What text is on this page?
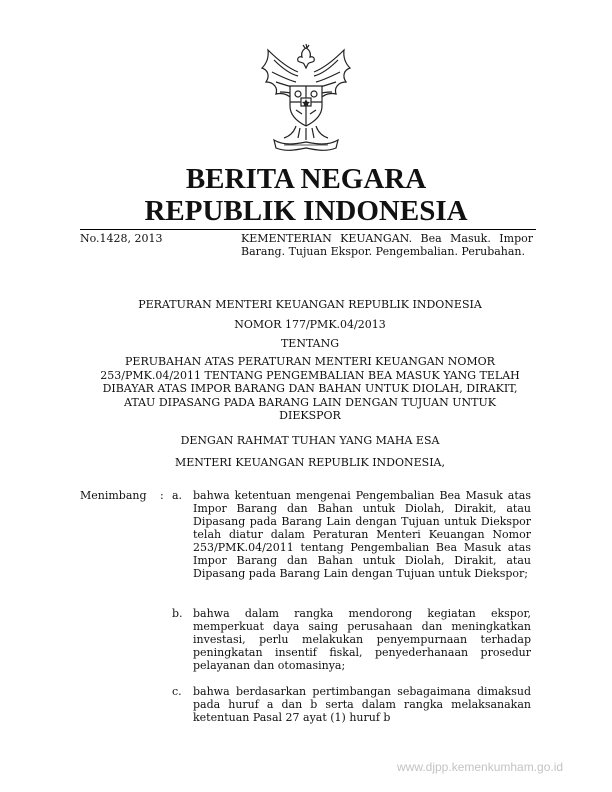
BERITA NEGARA
REPUBLIK INDONESIA
No.1428, 2013	KEMENTERIAN KEUANGAN. Bea Masuk. Impor Barang. Tujuan Ekspor. Pengembalian. Perubahan.
PERATURAN MENTERI KEUANGAN REPUBLIK INDONESIA
NOMOR 177/PMK.04/2013
TENTANG
PERUBAHAN ATAS PERATURAN MENTERI KEUANGAN NOMOR
253/PMK.04/2011 TENTANG PENGEMBALIAN BEA MASUK YANG TELAH
DIBAYAR ATAS IMPOR BARANG DAN BAHAN UNTUK DIOLAH, DIRAKIT,
ATAU DIPASANG PADA BARANG LAIN DENGAN TUJUAN UNTUK
DIEKSPOR
DENGAN RAHMAT TUHAN YANG MAHA ESA
MENTERI KEUANGAN REPUBLIK INDONESIA,
Menimbang : a. bahwa ketentuan mengenai Pengembalian Bea Masuk atas Impor Barang dan Bahan untuk Diolah, Dirakit, atau Dipasang pada Barang Lain dengan Tujuan untuk Diekspor telah diatur dalam Peraturan Menteri Keuangan Nomor 253/PMK.04/2011 tentang Pengembalian Bea Masuk atas Impor Barang dan Bahan untuk Diolah, Dirakit, atau Dipasang pada Barang Lain dengan Tujuan untuk Diekspor;
b. bahwa dalam rangka mendorong kegiatan ekspor, memperkuat daya saing perusahaan dan meningkatkan investasi, perlu melakukan penyempurnaan terhadap peningkatan insentif fiskal, penyederhanaan prosedur pelayanan dan otomasinya;
c. bahwa berdasarkan pertimbangan sebagaimana dimaksud pada huruf a dan b serta dalam rangka melaksanakan ketentuan Pasal 27 ayat (1) huruf b
www.djpp.kemenkumham.go.id
